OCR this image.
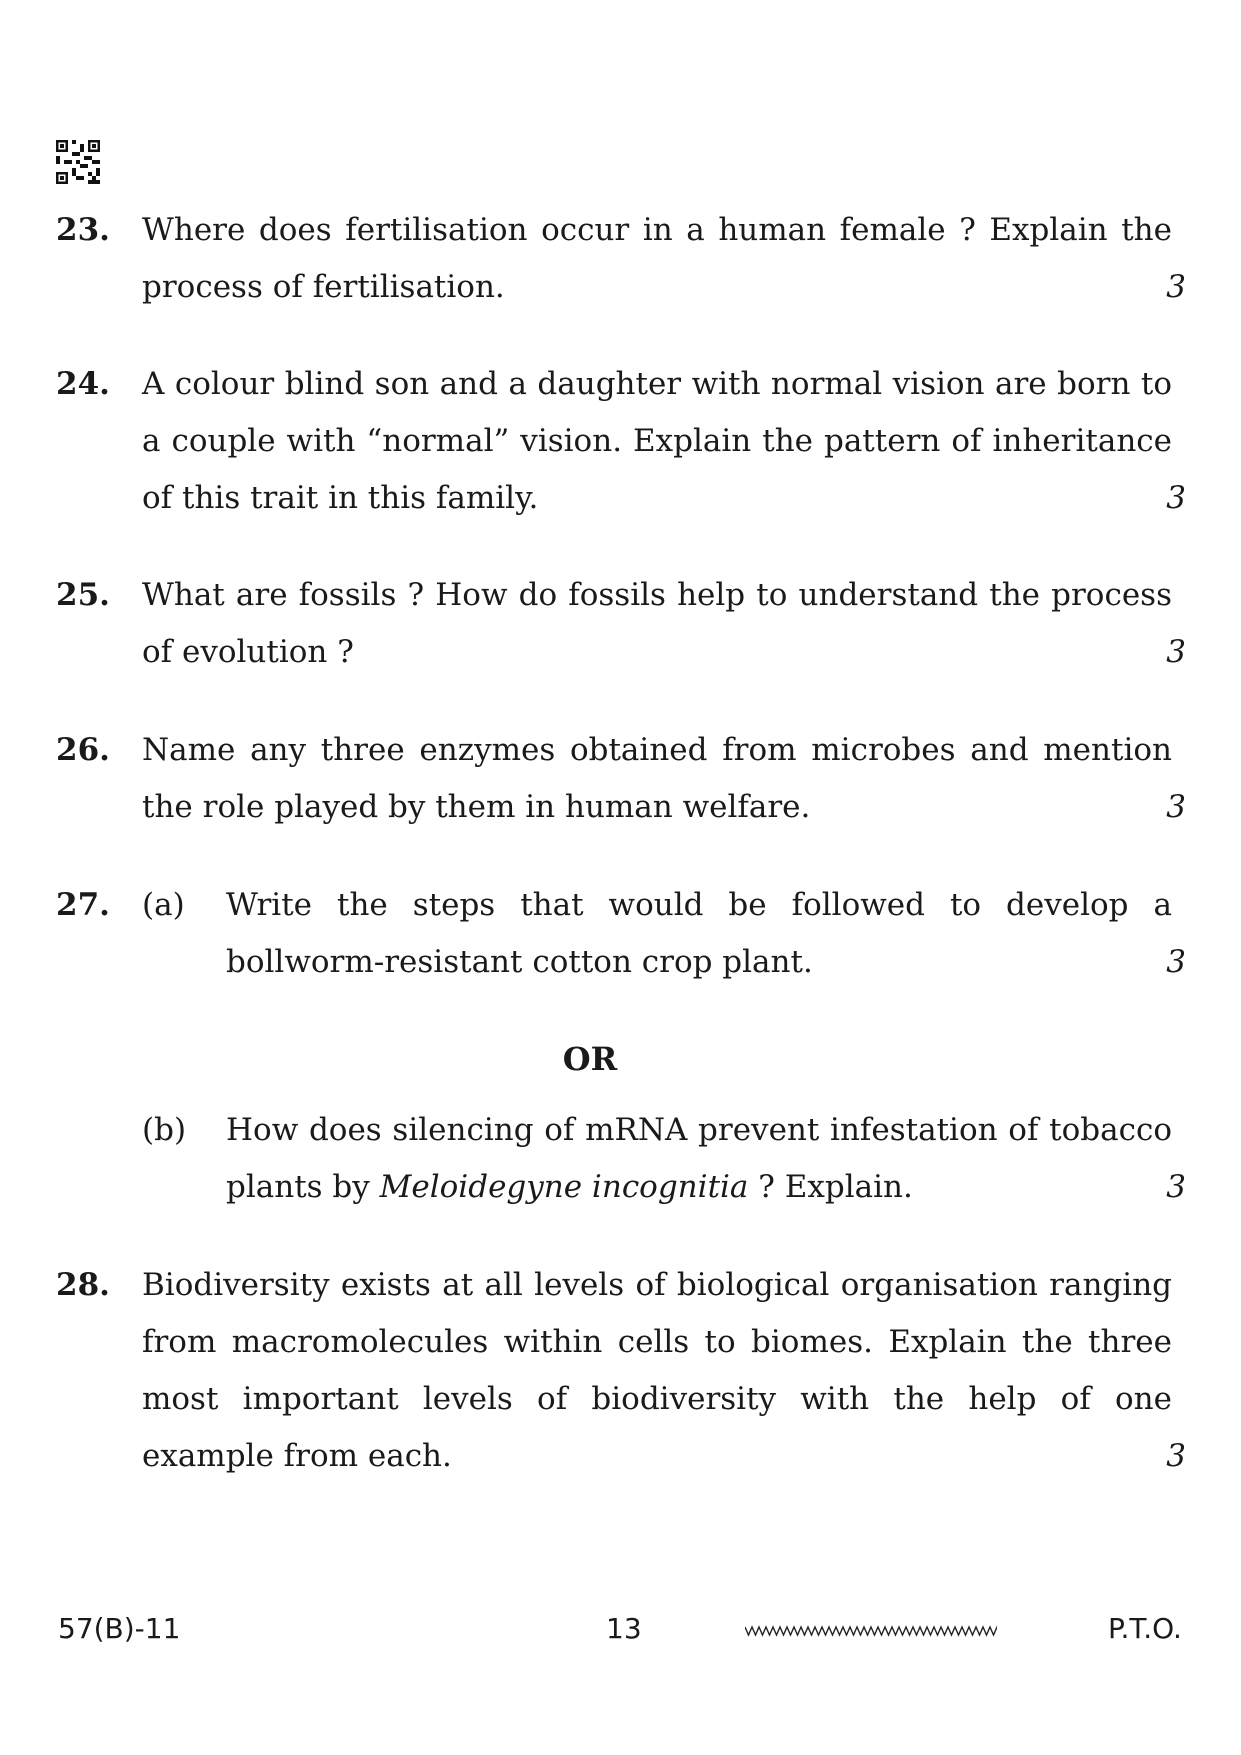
23. Where does fertilisation occur in a human female ? Explain the process of fertilisation.	3
24. A colour blind son and a daughter with normal vision are born to a couple with “normal” vision. Explain the pattern of inheritance of this trait in this family.	3
25. What are fossils ? How do fossils help to understand the process of evolution ?	3
26. Name any three enzymes obtained from microbes and mention the role played by them in human welfare.	3
27. (a) Write the steps that would be followed to develop a bollworm-resistant cotton crop plant.	3
OR
(b) How does silencing of mRNA prevent infestation of tobacco plants by Meloidegyne incognitia ? Explain.	3
28. Biodiversity exists at all levels of biological organisation ranging from macromolecules within cells to biomes. Explain the three most important levels of biodiversity with the help of one example from each.	3
57(B)-11	13	P.T.O.
